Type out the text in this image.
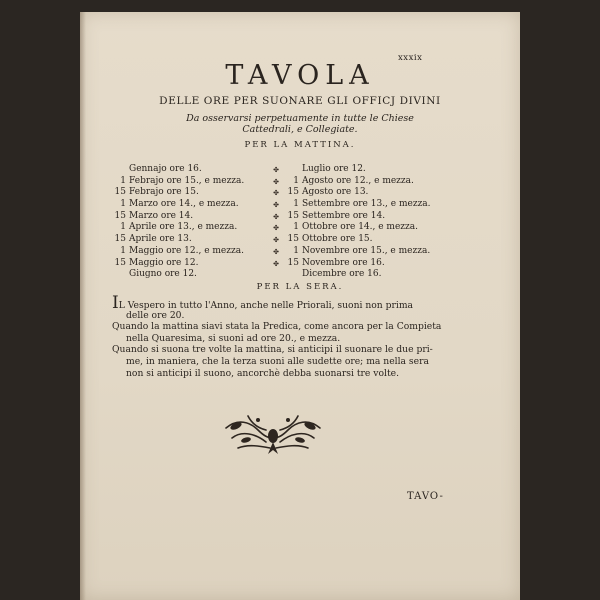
xxxix
TAVOLA
DELLE ORE PER SUONARE GLI OFFICJ DIVINI
Da osservarsi perpetuamente in tutte le Chiese
Cattedrali, e Collegiate.
PER LA MATTINA.
Gennajo ore 16.
1 Febrajo ore 15., e mezza.
15 Febrajo ore 15.
1 Marzo ore 14., e mezza.
15 Marzo ore 14.
1 Aprile ore 13., e mezza.
15 Aprile ore 13.
1 Maggio ore 12., e mezza.
15 Maggio ore 12.
Giugno ore 12.
✤
✤
✤
✤
✤
✤
✤
✤
✤
Luglio ore 12.
1 Agosto ore 12., e mezza.
15 Agosto ore 13.
1 Settembre ore 13., e mezza.
15 Settembre ore 14.
1 Ottobre ore 14., e mezza.
15 Ottobre ore 15.
1 Novembre ore 15., e mezza.
15 Novembre ore 16.
Dicembre ore 16.
PER LA SERA.
IL Vespero in tutto l'Anno, anche nelle Priorali, suoni non prima
delle ore 20.
Quando la mattina siavi stata la Predica, come ancora per la Compieta
nella Quaresima, si suoni ad ore 20., e mezza.
Quando si suona tre volte la mattina, si anticipi il suonare le due pri-
me, in maniera, che la terza suoni alle sudette ore; ma nella sera
non si anticipi il suono, ancorchè debba suonarsi tre volte.
TAVO-
